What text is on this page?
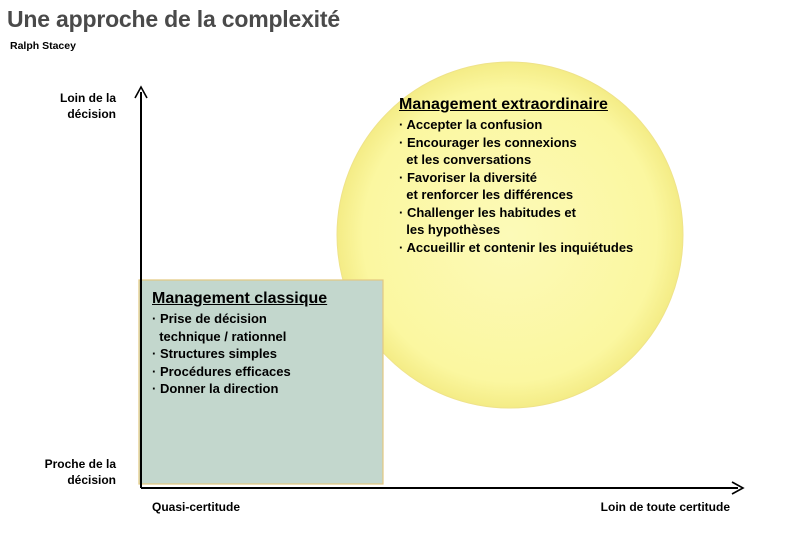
Une approche de la complexité
Ralph Stacey
Loin de la
décision
Proche de la
décision
Quasi-certitude	Loin de toute certitude
Management extraordinaire
· Accepter la confusion
· Encourager les connexions
et les conversations
· Favoriser la diversité
et renforcer les différences
· Challenger les habitudes et
les hypothèses
· Accueillir et contenir les inquiétudes
Management classique
· Prise de décision
technique / rationnel
· Structures simples
· Procédures efficaces
· Donner la direction
